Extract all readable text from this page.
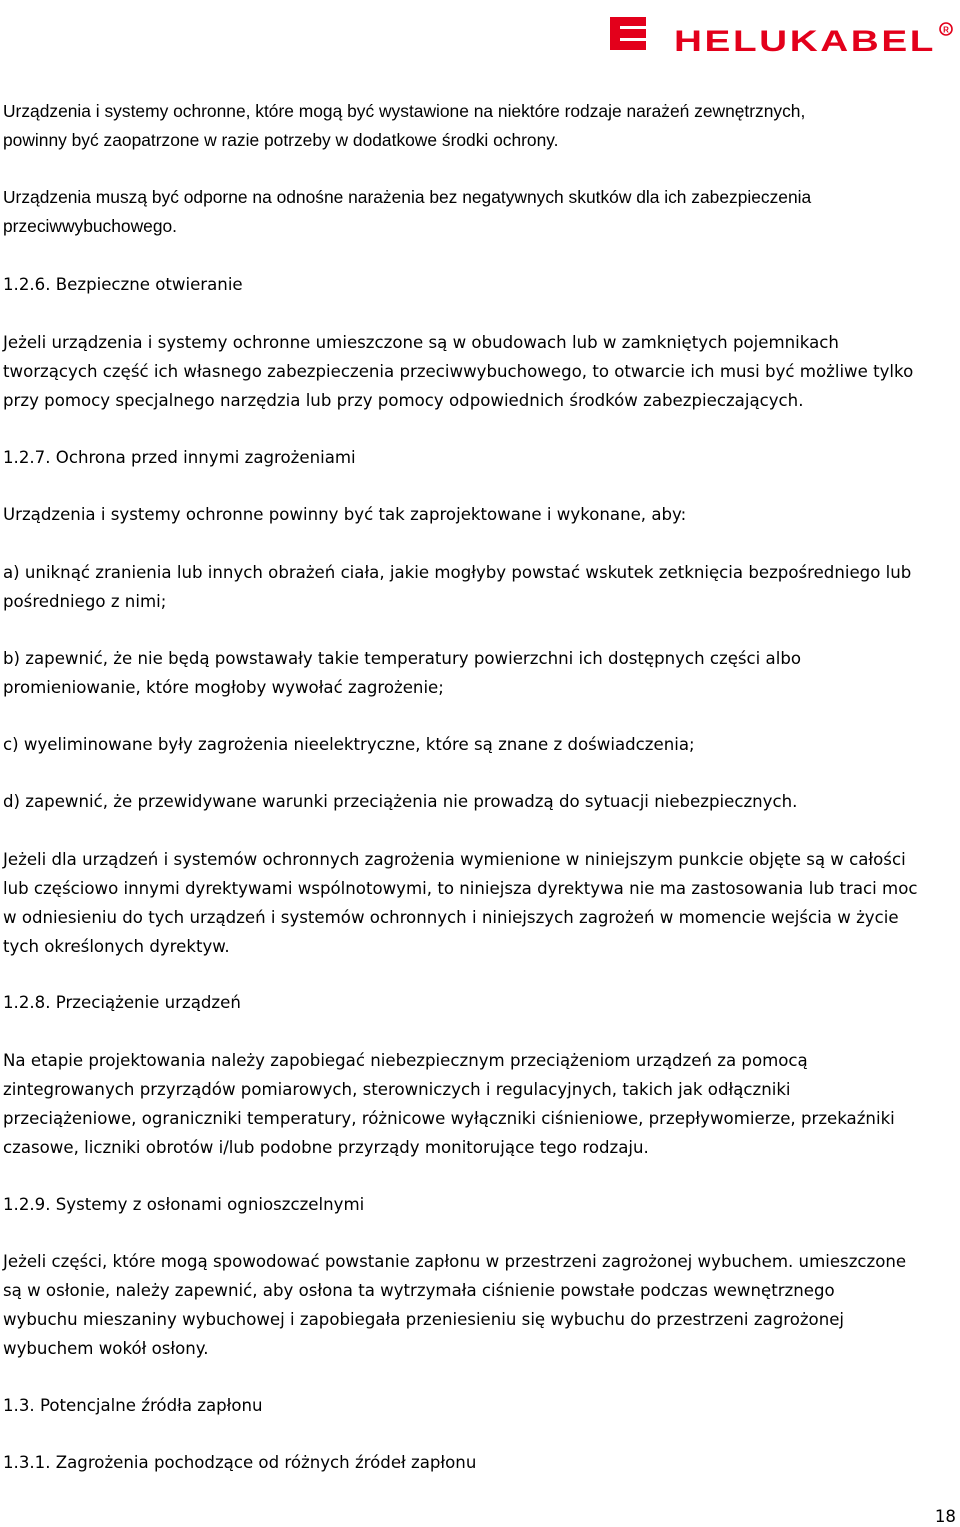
HELUKABEL R
Urządzenia i systemy ochronne, które mogą być wystawione na niektóre rodzaje narażeń zewnętrznych,
powinny być zaopatrzone w razie potrzeby w dodatkowe środki ochrony.
Urządzenia muszą być odporne na odnośne narażenia bez negatywnych skutków dla ich zabezpieczenia
przeciwwybuchowego.
1.2.6. Bezpieczne otwieranie
Jeżeli urządzenia i systemy ochronne umieszczone są w obudowach lub w zamkniętych pojemnikach
tworzących część ich własnego zabezpieczenia przeciwwybuchowego, to otwarcie ich musi być możliwe tylko
przy pomocy specjalnego narzędzia lub przy pomocy odpowiednich środków zabezpieczających.
1.2.7. Ochrona przed innymi zagrożeniami
Urządzenia i systemy ochronne powinny być tak zaprojektowane i wykonane, aby:
a) uniknąć zranienia lub innych obrażeń ciała, jakie mogłyby powstać wskutek zetknięcia bezpośredniego lub
pośredniego z nimi;
b) zapewnić, że nie będą powstawały takie temperatury powierzchni ich dostępnych części albo
promieniowanie, które mogłoby wywołać zagrożenie;
c) wyeliminowane były zagrożenia nieelektryczne, które są znane z doświadczenia;
d) zapewnić, że przewidywane warunki przeciążenia nie prowadzą do sytuacji niebezpiecznych.
Jeżeli dla urządzeń i systemów ochronnych zagrożenia wymienione w niniejszym punkcie objęte są w całości
lub częściowo innymi dyrektywami wspólnotowymi, to niniejsza dyrektywa nie ma zastosowania lub traci moc
w odniesieniu do tych urządzeń i systemów ochronnych i niniejszych zagrożeń w momencie wejścia w życie
tych określonych dyrektyw.
1.2.8. Przeciążenie urządzeń
Na etapie projektowania należy zapobiegać niebezpiecznym przeciążeniom urządzeń za pomocą
zintegrowanych przyrządów pomiarowych, sterowniczych i regulacyjnych, takich jak odłączniki
przeciążeniowe, ograniczniki temperatury, różnicowe wyłączniki ciśnieniowe, przepływomierze, przekaźniki
czasowe, liczniki obrotów i/lub podobne przyrządy monitorujące tego rodzaju.
1.2.9. Systemy z osłonami ognioszczelnymi
Jeżeli części, które mogą spowodować powstanie zapłonu w przestrzeni zagrożonej wybuchem. umieszczone
są w osłonie, należy zapewnić, aby osłona ta wytrzymała ciśnienie powstałe podczas wewnętrznego
wybuchu mieszaniny wybuchowej i zapobiegała przeniesieniu się wybuchu do przestrzeni zagrożonej
wybuchem wokół osłony.
1.3. Potencjalne źródła zapłonu
1.3.1. Zagrożenia pochodzące od różnych źródeł zapłonu
18
